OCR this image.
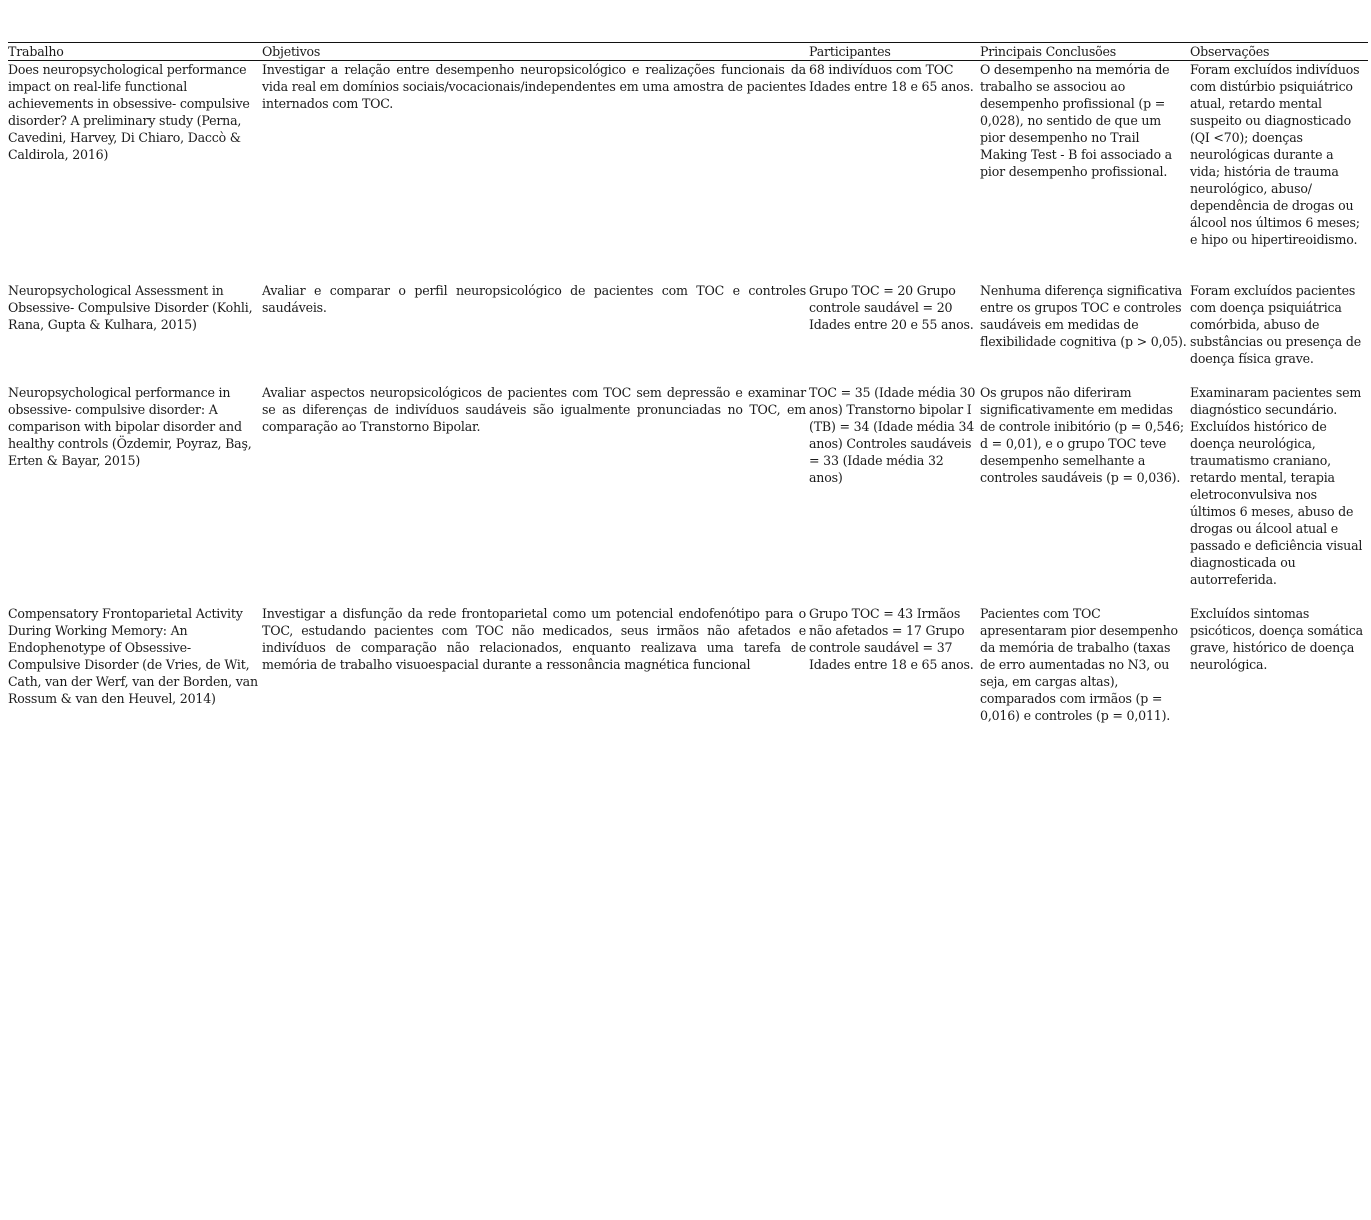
Trabalho	Objetivos	Participantes	Principais Conclusões	Observações
Does neuropsychological performance impact on real-life functional achievements in obsessive- compulsive disorder? A preliminary study (Perna, Cavedini, Harvey, Di Chiaro, Daccò & Caldirola, 2016)	Investigar a relação entre desempenho neuropsicológico e realizações funcionais da vida real em domínios sociais/vocacionais/independentes em uma amostra de pacientes internados com TOC.	68 indivíduos com TOC Idades entre 18 e 65 anos.	O desempenho na memória de trabalho se associou ao desempenho profissional (p = 0,028), no sentido de que um pior desempenho no Trail Making Test - B foi associado a pior desempenho profissional.	Foram excluídos indivíduos com distúrbio psiquiátrico atual, retardo mental suspeito ou diagnosticado (QI <70); doenças neurológicas durante a vida; história de trauma neurológico, abuso/ dependência de drogas ou álcool nos últimos 6 meses; e hipo ou hipertireoidismo.
Neuropsychological Assessment in Obsessive- Compulsive Disorder (Kohli, Rana, Gupta & Kulhara, 2015)	Avaliar e comparar o perfil neuropsicológico de pacientes com TOC e controles saudáveis.	Grupo TOC = 20 Grupo controle saudável = 20 Idades entre 20 e 55 anos.	Nenhuma diferença significativa entre os grupos TOC e controles saudáveis em medidas de flexibilidade cognitiva (p > 0,05).	Foram excluídos pacientes com doença psiquiátrica comórbida, abuso de substâncias ou presença de doença física grave.
Neuropsychological performance in obsessive- compulsive disorder: A comparison with bipolar disorder and healthy controls (Özdemir, Poyraz, Baş, Erten & Bayar, 2015)	Avaliar aspectos neuropsicológicos de pacientes com TOC sem depressão e examinar se as diferenças de indivíduos saudáveis são igualmente pronunciadas no TOC, em comparação ao Transtorno Bipolar.	TOC = 35 (Idade média 30 anos) Transtorno bipolar I (TB) = 34 (Idade média 34 anos) Controles saudáveis = 33 (Idade média 32 anos)	Os grupos não diferiram significativamente em medidas de controle inibitório (p = 0,546; d = 0,01), e o grupo TOC teve desempenho semelhante a controles saudáveis (p = 0,036).	Examinaram pacientes sem diagnóstico secundário. Excluídos histórico de doença neurológica, traumatismo craniano, retardo mental, terapia eletroconvulsiva nos últimos 6 meses, abuso de drogas ou álcool atual e passado e deficiência visual diagnosticada ou autorreferida.
Compensatory Frontoparietal Activity During Working Memory: An Endophenotype of Obsessive- Compulsive Disorder (de Vries, de Wit, Cath, van der Werf, van der Borden, van Rossum & van den Heuvel, 2014)	Investigar a disfunção da rede frontoparietal como um potencial endofenótipo para o TOC, estudando pacientes com TOC não medicados, seus irmãos não afetados e indivíduos de comparação não relacionados, enquanto realizava uma tarefa de memória de trabalho visuoespacial durante a ressonância magnética funcional	Grupo TOC = 43 Irmãos não afetados = 17 Grupo controle saudável = 37 Idades entre 18 e 65 anos.	Pacientes com TOC apresentaram pior desempenho da memória de trabalho (taxas de erro aumentadas no N3, ou seja, em cargas altas), comparados com irmãos (p = 0,016) e controles (p = 0,011).	Excluídos sintomas psicóticos, doença somática grave, histórico de doença neurológica.
